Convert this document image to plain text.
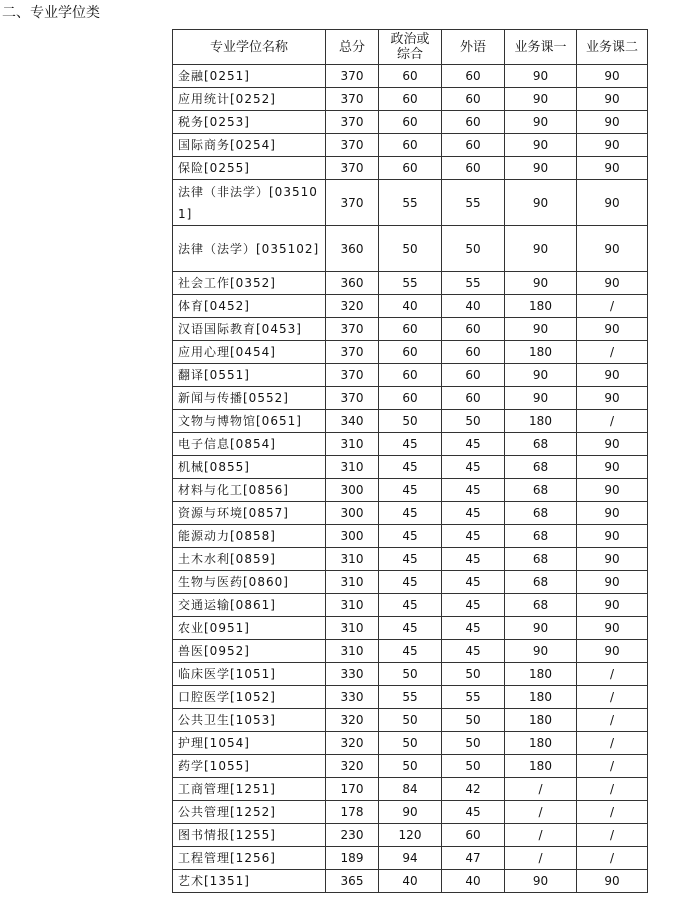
二、专业学位类
专业学位名称	总分	政治或综合	外语	业务课一	业务课二
金融[0251]	370	60	60	90	90
应用统计[0252]	370	60	60	90	90
税务[0253]	370	60	60	90	90
国际商务[0254]	370	60	60	90	90
保险[0255]	370	60	60	90	90
法律（非法学）[035101]	370	55	55	90	90
法律（法学）[035102]	360	50	50	90	90
社会工作[0352]	360	55	55	90	90
体育[0452]	320	40	40	180	/
汉语国际教育[0453]	370	60	60	90	90
应用心理[0454]	370	60	60	180	/
翻译[0551]	370	60	60	90	90
新闻与传播[0552]	370	60	60	90	90
文物与博物馆[0651]	340	50	50	180	/
电子信息[0854]	310	45	45	68	90
机械[0855]	310	45	45	68	90
材料与化工[0856]	300	45	45	68	90
资源与环境[0857]	300	45	45	68	90
能源动力[0858]	300	45	45	68	90
土木水利[0859]	310	45	45	68	90
生物与医药[0860]	310	45	45	68	90
交通运输[0861]	310	45	45	68	90
农业[0951]	310	45	45	90	90
兽医[0952]	310	45	45	90	90
临床医学[1051]	330	50	50	180	/
口腔医学[1052]	330	55	55	180	/
公共卫生[1053]	320	50	50	180	/
护理[1054]	320	50	50	180	/
药学[1055]	320	50	50	180	/
工商管理[1251]	170	84	42	/	/
公共管理[1252]	178	90	45	/	/
图书情报[1255]	230	120	60	/	/
工程管理[1256]	189	94	47	/	/
艺术[1351]	365	40	40	90	90
